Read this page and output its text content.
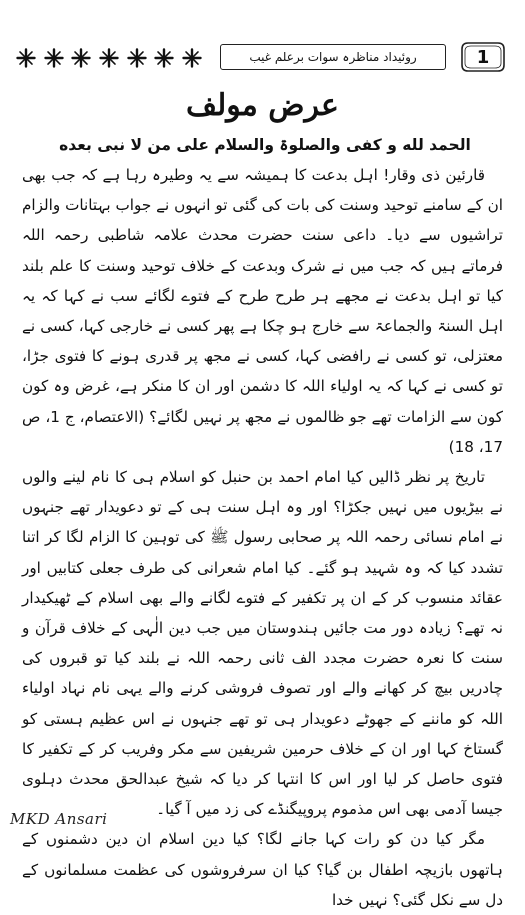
روئیداد مناظرہ سوات برعلم غیب	1
عرض مولف
الحمد لله و کفی والصلوۃ والسلام علی من لا نبی بعده

قارئین ذی وقار! اہل بدعت کا ہمیشہ سے یہ وطیرہ رہا ہے کہ جب بھی ان کے سامنے توحید وسنت کی بات کی گئی تو انہوں نے جواب بہتانات والزام تراشیوں سے دیا۔ داعی سنت حضرت محدث علامہ شاطبی رحمہ اللہ فرماتے ہیں کہ جب میں نے شرک وبدعت کے خلاف توحید وسنت کا علم بلند کیا تو اہل بدعت نے مجھے ہر طرح طرح کے فتوے لگائے سب نے کہا کہ یہ اہل السنۃ والجماعۃ سے خارج ہو چکا ہے پھر کسی نے خارجی کہا، کسی نے معتزلی، تو کسی نے رافضی کہا، کسی نے مجھ پر قدری ہونے کا فتوی جڑا، تو کسی نے کہا کہ یہ اولیاء اللہ کا دشمن اور ان کا منکر ہے، غرض وہ کون کون سے الزامات تھے جو ظالموں نے مجھ پر نہیں لگائے؟ (الاعتصام، ج 1، ص 17، 18)

تاریخ پر نظر ڈالیں کیا امام احمد بن حنبل کو اسلام ہی کا نام لینے والوں نے بیڑیوں میں نہیں جکڑا؟ اور وہ اہل سنت ہی کے تو دعویدار تھے جنہوں نے امام نسائی رحمہ اللہ پر صحابی رسول ﷺ کی توہین کا الزام لگا کر اتنا تشدد کیا کہ وہ شہید ہو گئے۔ کیا امام شعرانی کی طرف جعلی کتابیں اور عقائد منسوب کر کے ان پر تکفیر کے فتوے لگانے والے بھی اسلام کے ٹھیکیدار نہ تھے؟ زیادہ دور مت جائیں ہندوستان میں جب دین الٰہی کے خلاف قرآن و سنت کا نعرہ حضرت مجدد الف ثانی رحمہ اللہ نے بلند کیا تو قبروں کی چادریں بیچ کر کھانے والے اور تصوف فروشی کرنے والے یہی نام نہاد اولیاء اللہ کو ماننے کے جھوٹے دعویدار ہی تو تھے جنہوں نے اس عظیم ہستی کو گستاخ کہا اور ان کے خلاف حرمین شریفین سے مکر وفریب کر کے تکفیر کا فتوی حاصل کر لیا اور اس کا انتہا کر دیا کہ شیخ عبدالحق محدث دہلوی جیسا آدمی بھی اس مذموم پروپیگنڈے کی زد میں آ گیا۔

مگر کیا دن کو رات کہا جانے لگا؟ کیا دین اسلام ان دین دشمنوں کے ہاتھوں بازیچہ اطفال بن گیا؟ کیا ان سرفروشوں کی عظمت مسلمانوں کے دل سے نکل گئی؟ نہیں خدا

MKD Ansari
